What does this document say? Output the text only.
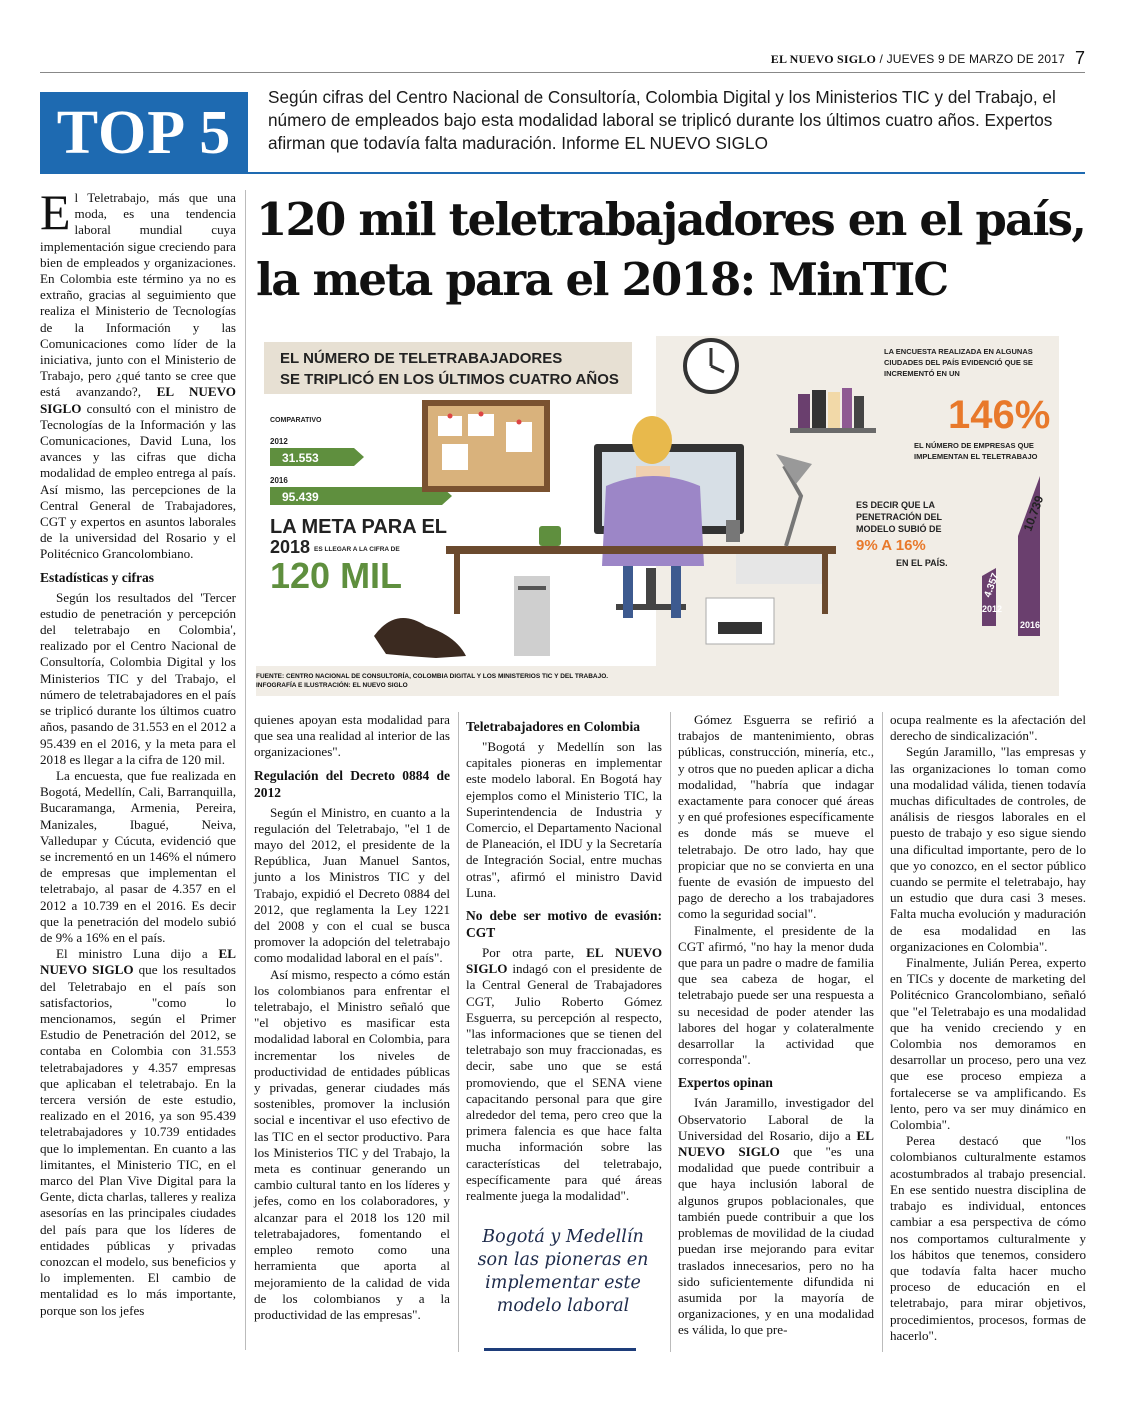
EL NUEVO SIGLO / JUEVES 9 DE MARZO DE 2017 7
TOP 5
Según cifras del Centro Nacional de Consultoría, Colombia Digital y los Ministerios TIC y del Trabajo, el número de empleados bajo esta modalidad laboral se triplicó durante los últimos cuatro años. Expertos afirman que todavía falta maduración. Informe EL NUEVO SIGLO
120 mil teletrabajadores en el país,
la meta para el 2018: MinTIC

El Teletrabajo, más que una moda, es una tendencia laboral mundial cuya implementación sigue creciendo para bien de empleados y organizaciones. En Colombia este término ya no es extraño, gracias al seguimiento que realiza el Ministerio de Tecnologías de la Información y las Comunicaciones como líder de la iniciativa, junto con el Ministerio de Trabajo, pero ¿qué tanto se cree que está avanzando?, EL NUEVO SIGLO consultó con el ministro de Tecnologías de la Información y las Comunicaciones, David Luna, los avances y las cifras que dicha modalidad de empleo entrega al país. Así mismo, las percepciones de la Central General de Trabajadores, CGT y expertos en asuntos laborales de la universidad del Rosario y el Politécnico Grancolombiano.

Estadísticas y cifras

Según los resultados del 'Tercer estudio de penetración y percepción del teletrabajo en Colombia', realizado por el Centro Nacional de Consultoría, Colombia Digital y los Ministerios TIC y del Trabajo, el número de teletrabajadores en el país se triplicó durante los últimos cuatro años, pasando de 31.553 en el 2012 a 95.439 en el 2016, y la meta para el 2018 es llegar a la cifra de 120 mil.

La encuesta, que fue realizada en Bogotá, Medellín, Cali, Barranquilla, Bucaramanga, Armenia, Pereira, Manizales, Ibagué, Neiva, Valledupar y Cúcuta, evidenció que se incrementó en un 146% el número de empresas que implementan el teletrabajo, al pasar de 4.357 en el 2012 a 10.739 en el 2016. Es decir que la penetración del modelo subió de 9% a 16% en el país.

El ministro Luna dijo a EL NUEVO SIGLO que los resultados del Teletrabajo en el país son satisfactorios, "como lo mencionamos, según el Primer Estudio de Penetración del 2012, se contaba en Colombia con 31.553 teletrabajadores y 4.357 empresas que aplicaban el teletrabajo. En la tercera versión de este estudio, realizado en el 2016, ya son 95.439 teletrabajadores y 10.739 entidades que lo implementan. En cuanto a las limitantes, el Ministerio TIC, en el marco del Plan Vive Digital para la Gente, dicta charlas, talleres y realiza asesorías en las principales ciudades del país para que los líderes de entidades públicas y privadas conozcan el modelo, sus beneficios y lo implementen. El cambio de mentalidad es lo más importante, porque son los jefes

EL NÚMERO DE TELETRABAJADORES
SE TRIPLICÓ EN LOS ÚLTIMOS CUATRO AÑOS
COMPARATIVO
2012
31.553
2016
95.439
LA META PARA EL
2018 ES LLEGAR A LA CIFRA DE
120 MIL
CAT
LA ENCUESTA REALIZADA EN ALGUNAS
CIUDADES DEL PAÍS EVIDENCIÓ QUE SE
INCREMENTÓ EN UN
146%
EL NÚMERO DE EMPRESAS QUE
IMPLEMENTAN EL TELETRABAJO
ES DECIR QUE LA
PENETRACIÓN DEL
MODELO SUBIÓ DE
9% A 16%
EN EL PAÍS.
4.357
10.739
2012
2016
PAL
FUENTE: CENTRO NACIONAL DE CONSULTORÍA, COLOMBIA DIGITAL Y LOS MINISTERIOS TIC Y DEL TRABAJO.
INFOGRAFÍA E ILUSTRACIÓN: EL NUEVO SIGLO

quienes apoyan esta modalidad para que sea una realidad al interior de las organizaciones".

Regulación del Decreto 0884 de 2012

Según el Ministro, en cuanto a la regulación del Teletrabajo, "el 1 de mayo del 2012, el presidente de la República, Juan Manuel Santos, junto a los Ministros TIC y del Trabajo, expidió el Decreto 0884 del 2012, que reglamenta la Ley 1221 del 2008 y con el cual se busca promover la adopción del teletrabajo como modalidad laboral en el país".

Así mismo, respecto a cómo están los colombianos para enfrentar el teletrabajo, el Ministro señaló que "el objetivo es masificar esta modalidad laboral en Colombia, para incrementar los niveles de productividad de entidades públicas y privadas, generar ciudades más sostenibles, promover la inclusión social e incentivar el uso efectivo de las TIC en el sector productivo. Para los Ministerios TIC y del Trabajo, la meta es continuar generando un cambio cultural tanto en los líderes y jefes, como en los colaboradores, y alcanzar para el 2018 los 120 mil teletrabajadores, fomentando el empleo remoto como una herramienta que aporta al mejoramiento de la calidad de vida de los colombianos y a la productividad de las empresas".

Teletrabajadores en Colombia

"Bogotá y Medellín son las capitales pioneras en implementar este modelo laboral. En Bogotá hay ejemplos como el Ministerio TIC, la Superintendencia de Industria y Comercio, el Departamento Nacional de Planeación, el IDU y la Secretaría de Integración Social, entre muchas otras", afirmó el ministro David Luna.

No debe ser motivo de evasión: CGT

Por otra parte, EL NUEVO SIGLO indagó con el presidente de la Central General de Trabajadores CGT, Julio Roberto Gómez Esguerra, su percepción al respecto, "las informaciones que se tienen del teletrabajo son muy fraccionadas, es decir, sabe uno que se está promoviendo, que el SENA viene capacitando personal para que gire alrededor del tema, pero creo que la primera falencia es que hace falta mucha información sobre las características del teletrabajo, específicamente para qué áreas realmente juega la modalidad".

Bogotá y Medellín son las pioneras en implementar este modelo laboral

Gómez Esguerra se refirió a trabajos de mantenimiento, obras públicas, construcción, minería, etc., y otros que no pueden aplicar a dicha modalidad, "habría que indagar exactamente para conocer qué áreas y en qué profesiones específicamente es donde más se mueve el teletrabajo. De otro lado, hay que propiciar que no se convierta en una fuente de evasión de impuesto del pago de derecho a los trabajadores como la seguridad social".

Finalmente, el presidente de la CGT afirmó, "no hay la menor duda que para un padre o madre de familia que sea cabeza de hogar, el teletrabajo puede ser una respuesta a su necesidad de poder atender las labores del hogar y colateralmente desarrollar la actividad que corresponda".

Expertos opinan

Iván Jaramillo, investigador del Observatorio Laboral de la Universidad del Rosario, dijo a EL NUEVO SIGLO que "es una modalidad que puede contribuir a que haya inclusión laboral de algunos grupos poblacionales, que también puede contribuir a que los problemas de movilidad de la ciudad puedan irse mejorando para evitar traslados innecesarios, pero no ha sido suficientemente difundida ni asumida por la mayoría de organizaciones, y en una modalidad es válida, lo que pre-

ocupa realmente es la afectación del derecho de sindicalización".

Según Jaramillo, "las empresas y las organizaciones lo toman como una modalidad válida, tienen todavía muchas dificultades de controles, de análisis de riesgos laborales en el puesto de trabajo y eso sigue siendo una dificultad importante, pero de lo que yo conozco, en el sector público cuando se permite el teletrabajo, hay un estudio que dura casi 3 meses. Falta mucha evolución y maduración de esa modalidad en las organizaciones en Colombia".

Finalmente, Julián Perea, experto en TICs y docente de marketing del Politécnico Grancolombiano, señaló que "el Teletrabajo es una modalidad que ha venido creciendo y en Colombia nos demoramos en desarrollar un proceso, pero una vez que ese proceso empieza a fortalecerse se va amplificando. Es lento, pero va ser muy dinámico en Colombia".

Perea destacó que "los colombianos culturalmente estamos acostumbrados al trabajo presencial. En ese sentido nuestra disciplina de trabajo es individual, entonces cambiar a esa perspectiva de cómo nos comportamos culturalmente y los hábitos que tenemos, considero que todavía falta hacer mucho proceso de educación en el teletrabajo, para mirar objetivos, procedimientos, procesos, formas de hacerlo".
